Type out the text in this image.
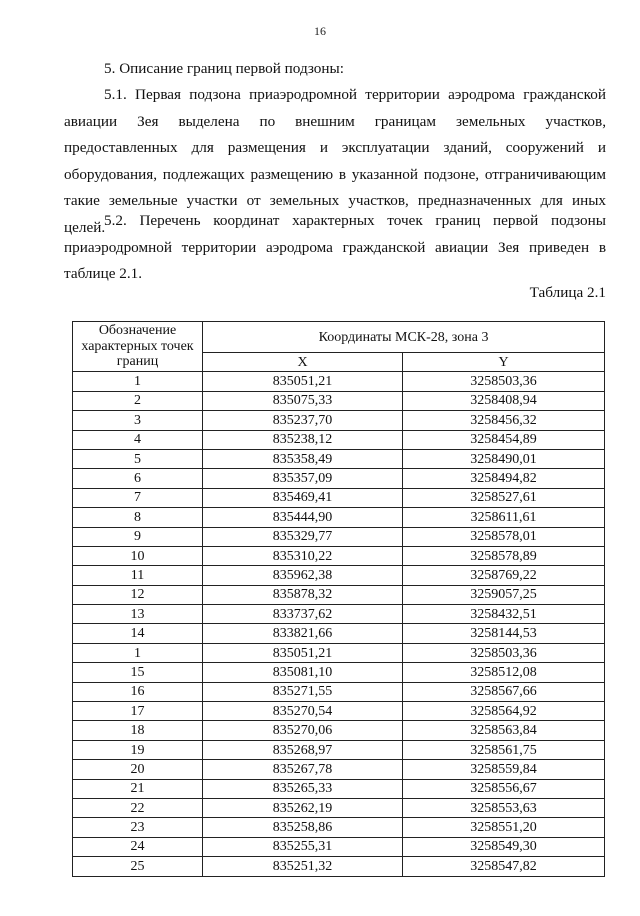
16

5. Описание границ первой подзоны:

5.1. Первая подзона приаэродромной территории аэродрома гражданской авиации Зея выделена по внешним границам земельных участков, предоставленных для размещения и эксплуатации зданий, сооружений и оборудования, подлежащих размещению в указанной подзоне, отграничивающим такие земельные участки от земельных участков, предназначенных для иных целей.

5.2. Перечень координат характерных точек границ первой подзоны приаэродромной территории аэродрома гражданской авиации Зея приведен в таблице 2.1.

Таблица 2.1
Обозначение характерных точек границ	Координаты МСК-28, зона 3	
	X	Y
1	835051,21	3258503,36
2	835075,33	3258408,94
3	835237,70	3258456,32
4	835238,12	3258454,89
5	835358,49	3258490,01
6	835357,09	3258494,82
7	835469,41	3258527,61
8	835444,90	3258611,61
9	835329,77	3258578,01
10	835310,22	3258578,89
11	835962,38	3258769,22
12	835878,32	3259057,25
13	833737,62	3258432,51
14	833821,66	3258144,53
1	835051,21	3258503,36
15	835081,10	3258512,08
16	835271,55	3258567,66
17	835270,54	3258564,92
18	835270,06	3258563,84
19	835268,97	3258561,75
20	835267,78	3258559,84
21	835265,33	3258556,67
22	835262,19	3258553,63
23	835258,86	3258551,20
24	835255,31	3258549,30
25	835251,32	3258547,82
